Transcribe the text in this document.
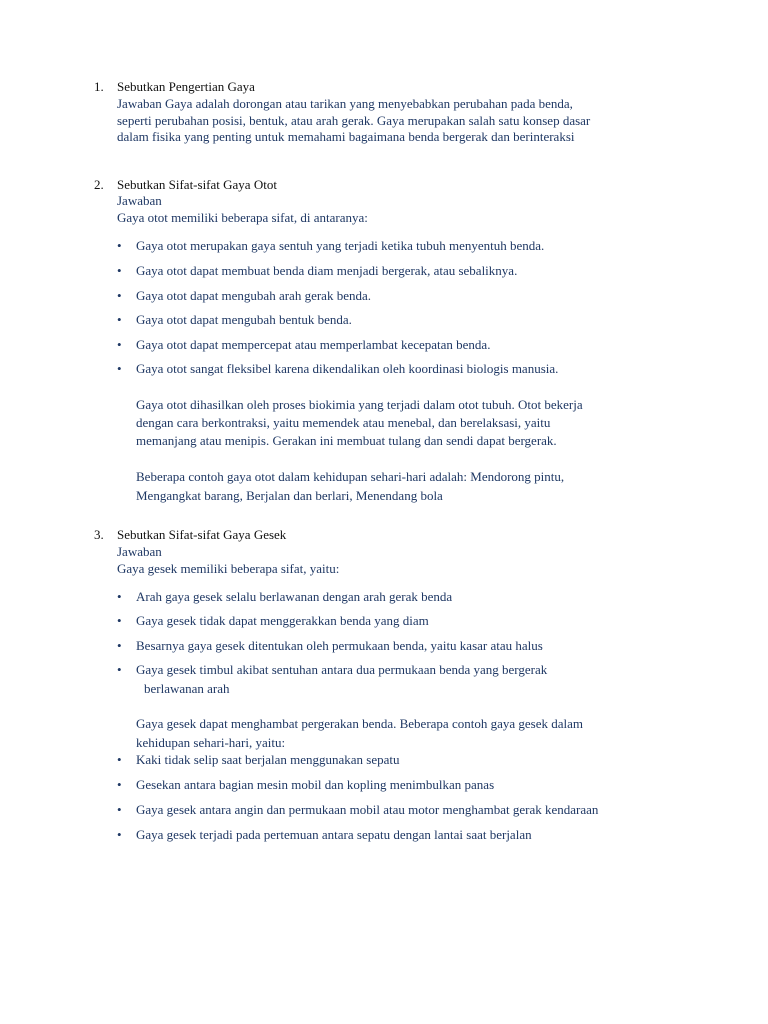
1. Sebutkan Pengertian Gaya
Jawaban Gaya adalah dorongan atau tarikan yang menyebabkan perubahan pada benda,
seperti perubahan posisi, bentuk, atau arah gerak. Gaya merupakan salah satu konsep dasar
dalam fisika yang penting untuk memahami bagaimana benda bergerak dan berinteraksi
2. Sebutkan Sifat-sifat Gaya Otot
Jawaban
Gaya otot memiliki beberapa sifat, di antaranya:
• Gaya otot merupakan gaya sentuh yang terjadi ketika tubuh menyentuh benda.
• Gaya otot dapat membuat benda diam menjadi bergerak, atau sebaliknya.
• Gaya otot dapat mengubah arah gerak benda.
• Gaya otot dapat mengubah bentuk benda.
• Gaya otot dapat mempercepat atau memperlambat kecepatan benda.
• Gaya otot sangat fleksibel karena dikendalikan oleh koordinasi biologis manusia.
Gaya otot dihasilkan oleh proses biokimia yang terjadi dalam otot tubuh. Otot bekerja
dengan cara berkontraksi, yaitu memendek atau menebal, dan berelaksasi, yaitu
memanjang atau menipis. Gerakan ini membuat tulang dan sendi dapat bergerak.
Beberapa contoh gaya otot dalam kehidupan sehari-hari adalah: Mendorong pintu,
Mengangkat barang, Berjalan dan berlari, Menendang bola
3. Sebutkan Sifat-sifat Gaya Gesek
Jawaban
Gaya gesek memiliki beberapa sifat, yaitu:
• Arah gaya gesek selalu berlawanan dengan arah gerak benda
• Gaya gesek tidak dapat menggerakkan benda yang diam
• Besarnya gaya gesek ditentukan oleh permukaan benda, yaitu kasar atau halus
• Gaya gesek timbul akibat sentuhan antara dua permukaan benda yang bergerak
berlawanan arah
Gaya gesek dapat menghambat pergerakan benda. Beberapa contoh gaya gesek dalam
kehidupan sehari-hari, yaitu:
• Kaki tidak selip saat berjalan menggunakan sepatu
• Gesekan antara bagian mesin mobil dan kopling menimbulkan panas
• Gaya gesek antara angin dan permukaan mobil atau motor menghambat gerak kendaraan
• Gaya gesek terjadi pada pertemuan antara sepatu dengan lantai saat berjalan
